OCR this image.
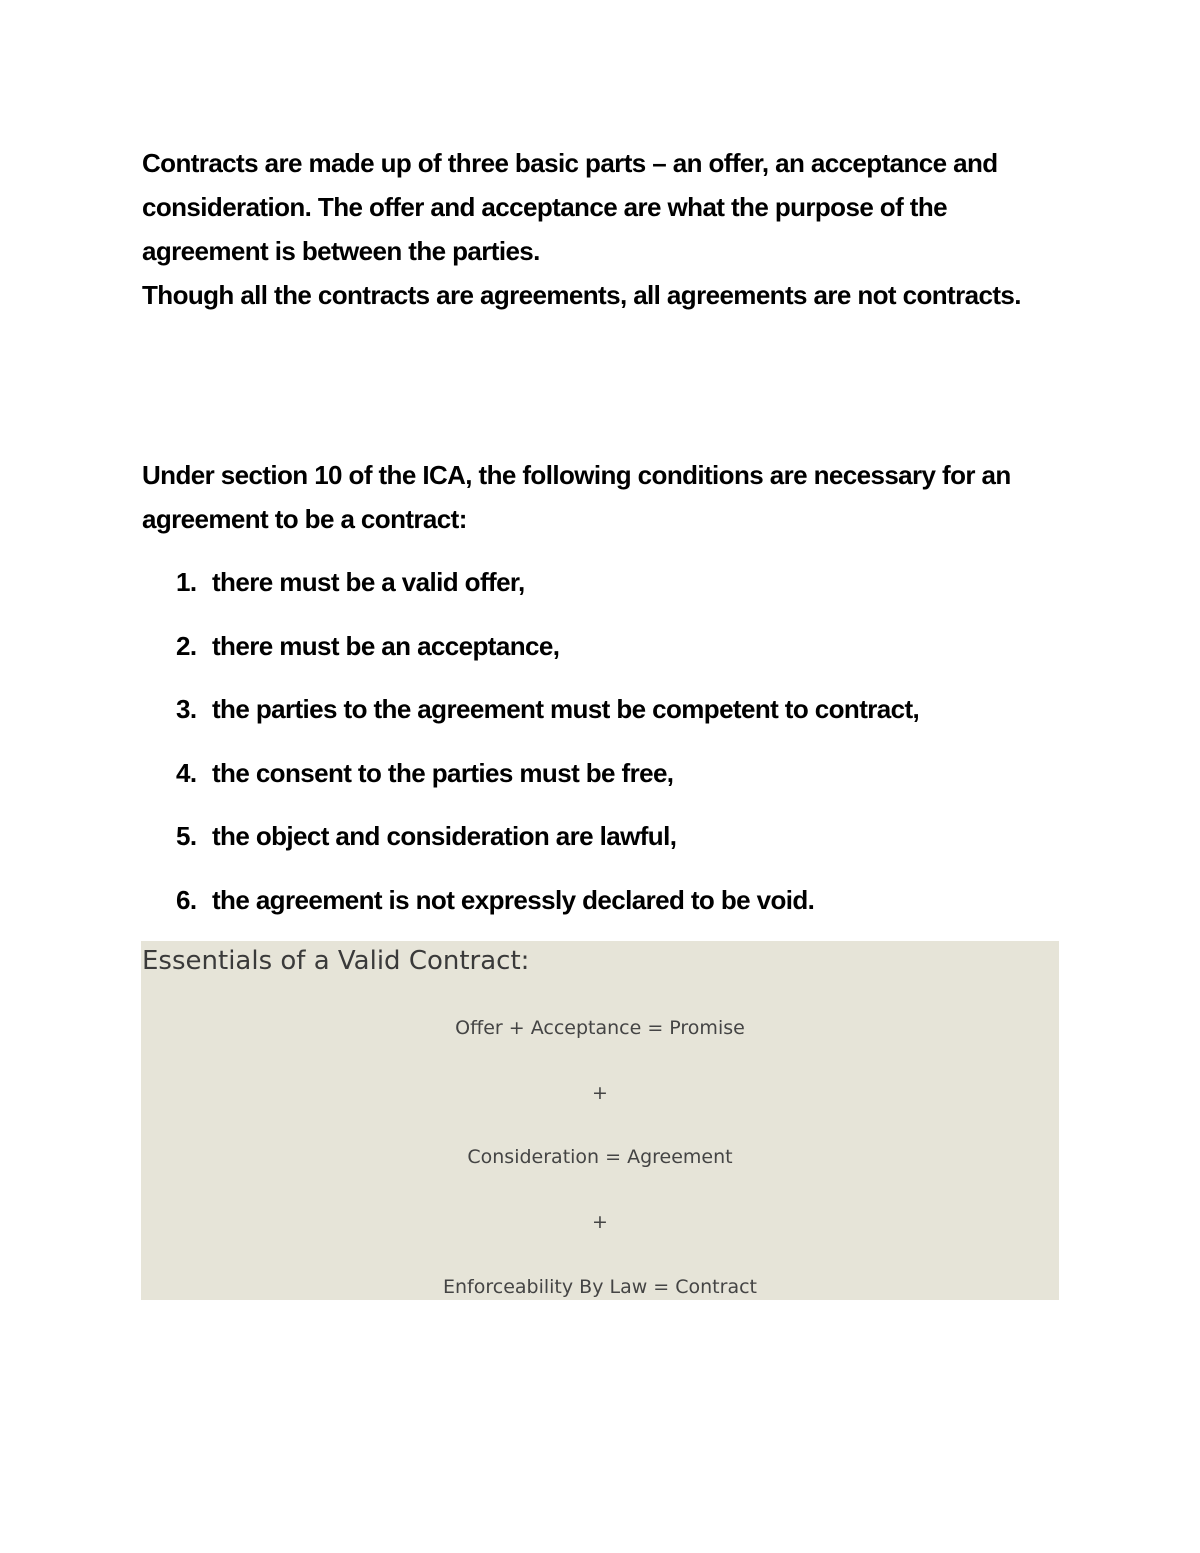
Contracts are made up of three basic parts – an offer, an acceptance and consideration. The offer and acceptance are what the purpose of the agreement is between the parties.

Though all the contracts are agreements, all agreements are not contracts.

Under section 10 of the ICA, the following conditions are necessary for an agreement to be a contract:

1. there must be a valid offer,
2. there must be an acceptance,
3. the parties to the agreement must be competent to contract,
4. the consent to the parties must be free,
5. the object and consideration are lawful,
6. the agreement is not expressly declared to be void.
Essentials of a Valid Contract:
Offer + Acceptance = Promise
+
Consideration = Agreement
+
Enforceability By Law = Contract
